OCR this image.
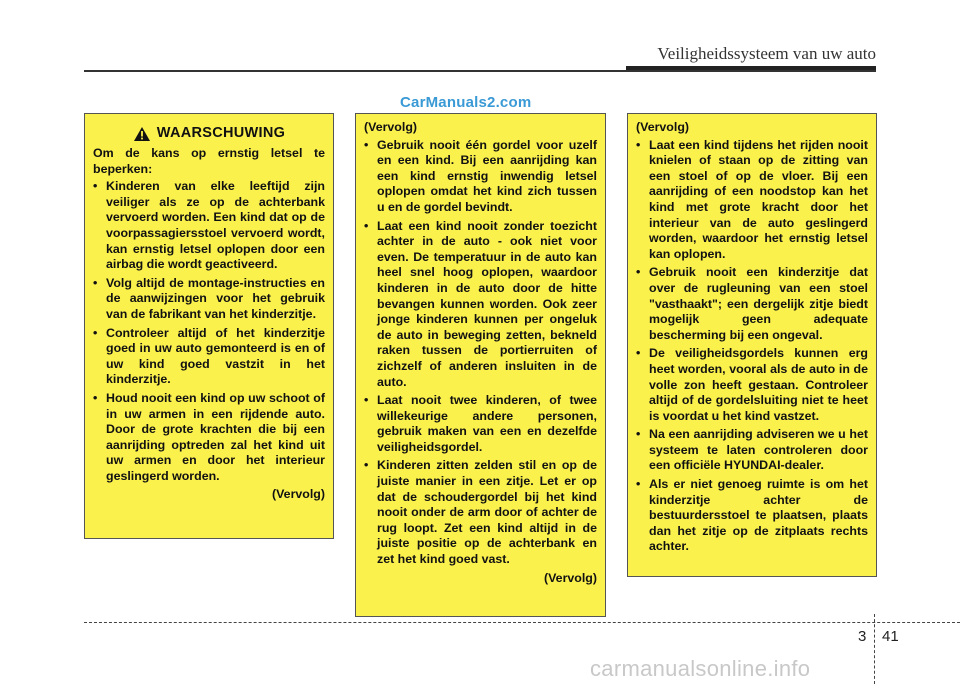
Veiligheidssysteem van uw auto
CarManuals2.com
WAARSCHUWING
Om de kans op ernstig letsel te beperken:
• Kinderen van elke leeftijd zijn veiliger als ze op de achterbank vervoerd worden. Een kind dat op de voorpassagiersstoel vervoerd wordt, kan ernstig letsel oplopen door een airbag die wordt geactiveerd.
• Volg altijd de montage-instructies en de aanwijzingen voor het gebruik van de fabrikant van het kinderzitje.
• Controleer altijd of het kinderzitje goed in uw auto gemonteerd is en of uw kind goed vastzit in het kinderzitje.
• Houd nooit een kind op uw schoot of in uw armen in een rijdende auto. Door de grote krachten die bij een aanrijding optreden zal het kind uit uw armen en door het interieur geslingerd worden.
(Vervolg)
(Vervolg)
• Gebruik nooit één gordel voor uzelf en een kind. Bij een aanrijding kan een kind ernstig inwendig letsel oplopen omdat het kind zich tussen u en de gordel bevindt.
• Laat een kind nooit zonder toezicht achter in de auto - ook niet voor even. De temperatuur in de auto kan heel snel hoog oplopen, waardoor kinderen in de auto door de hitte bevangen kunnen worden. Ook zeer jonge kinderen kunnen per ongeluk de auto in beweging zetten, bekneld raken tussen de portierruiten of zichzelf of anderen insluiten in de auto.
• Laat nooit twee kinderen, of twee willekeurige andere personen, gebruik maken van een en dezelfde veiligheidsgordel.
• Kinderen zitten zelden stil en op de juiste manier in een zitje. Let er op dat de schoudergordel bij het kind nooit onder de arm door of achter de rug loopt. Zet een kind altijd in de juiste positie op de achterbank en zet het kind goed vast.
(Vervolg)
(Vervolg)
• Laat een kind tijdens het rijden nooit knielen of staan op de zitting van een stoel of op de vloer. Bij een aanrijding of een noodstop kan het kind met grote kracht door het interieur van de auto geslingerd worden, waardoor het ernstig letsel kan oplopen.
• Gebruik nooit een kinderzitje dat over de rugleuning van een stoel "vasthaakt"; een dergelijk zitje biedt mogelijk geen adequate bescherming bij een ongeval.
• De veiligheidsgordels kunnen erg heet worden, vooral als de auto in de volle zon heeft gestaan. Controleer altijd of de gordelsluiting niet te heet is voordat u het kind vastzet.
• Na een aanrijding adviseren we u het systeem te laten controleren door een officiële HYUNDAI-dealer.
• Als er niet genoeg ruimte is om het kinderzitje achter de bestuurdersstoel te plaatsen, plaats dan het zitje op de zitplaats rechts achter.
3 41
carmanualsonline.info
